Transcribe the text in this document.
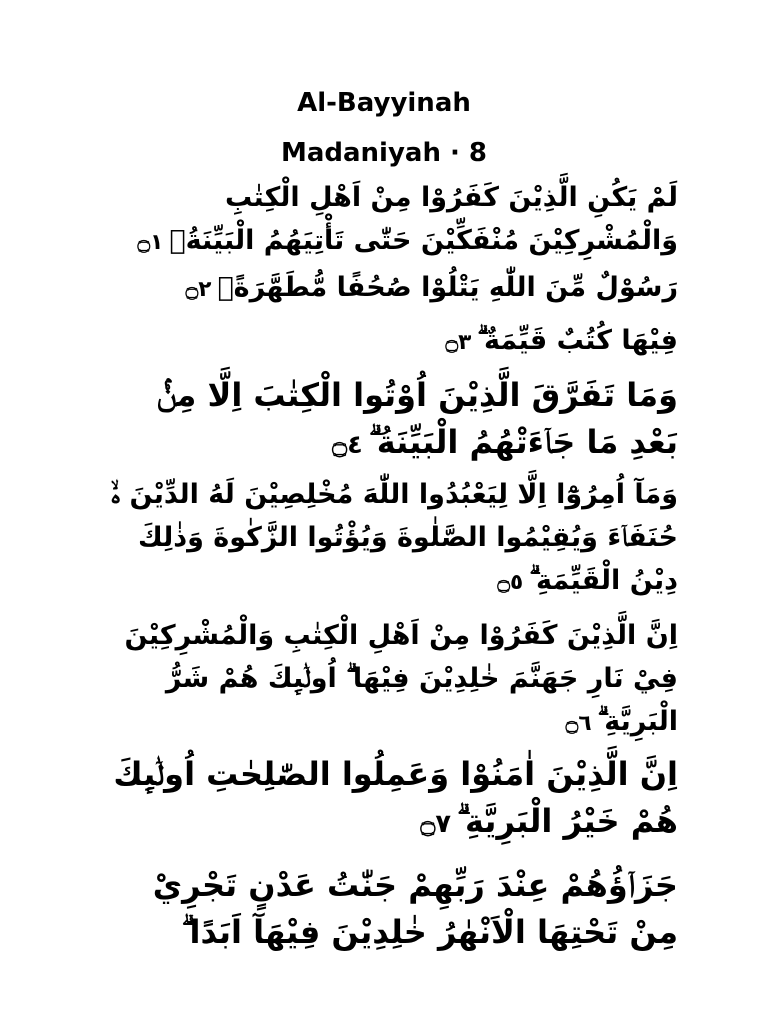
Al-Bayyinah
Madaniyah · 8

لَمْ يَكُنِ الَّذِيْنَ كَفَرُوْا مِنْ اَهْلِ الْكِتٰبِ وَالْمُشْرِكِيْنَ مُنْفَكِّيْنَ حَتّٰى تَأْتِيَهُمُ الْبَيِّنَةُۙ۝١

رَسُوْلٌ مِّنَ اللّٰهِ يَتْلُوْا صُحُفًا مُّطَهَّرَةًۙ۝٢

فِيْهَا كُتُبٌ قَيِّمَةٌ ۗ۝٣

وَمَا تَفَرَّقَ الَّذِيْنَ اُوْتُوا الْكِتٰبَ اِلَّا مِنْۢ بَعْدِ مَا جَاۤءَتْهُمُ الْبَيِّنَةُ ۗ۝٤

وَمَآ اُمِرُوْٓا اِلَّا لِيَعْبُدُوا اللّٰهَ مُخْلِصِيْنَ لَهُ الدِّيْنَ ەۙ حُنَفَاۤءَ وَيُقِيْمُوا الصَّلٰوةَ وَيُؤْتُوا الزَّكٰوةَ وَذٰلِكَ دِيْنُ الْقَيِّمَةِ ۗ۝٥

اِنَّ الَّذِيْنَ كَفَرُوْا مِنْ اَهْلِ الْكِتٰبِ وَالْمُشْرِكِيْنَ فِيْ نَارِ جَهَنَّمَ خٰلِدِيْنَ فِيْهَا ۗ اُولٰۤىِٕكَ هُمْ شَرُّ الْبَرِيَّةِ ۗ۝٦

اِنَّ الَّذِيْنَ اٰمَنُوْا وَعَمِلُوا الصّٰلِحٰتِ اُولٰۤىِٕكَ هُمْ خَيْرُ الْبَرِيَّةِ ۗ۝٧

جَزَاۤؤُهُمْ عِنْدَ رَبِّهِمْ جَنّٰتُ عَدْنٍ تَجْرِيْ مِنْ تَحْتِهَا الْاَنْهٰرُ خٰلِدِيْنَ فِيْهَآ اَبَدًا ۗ
